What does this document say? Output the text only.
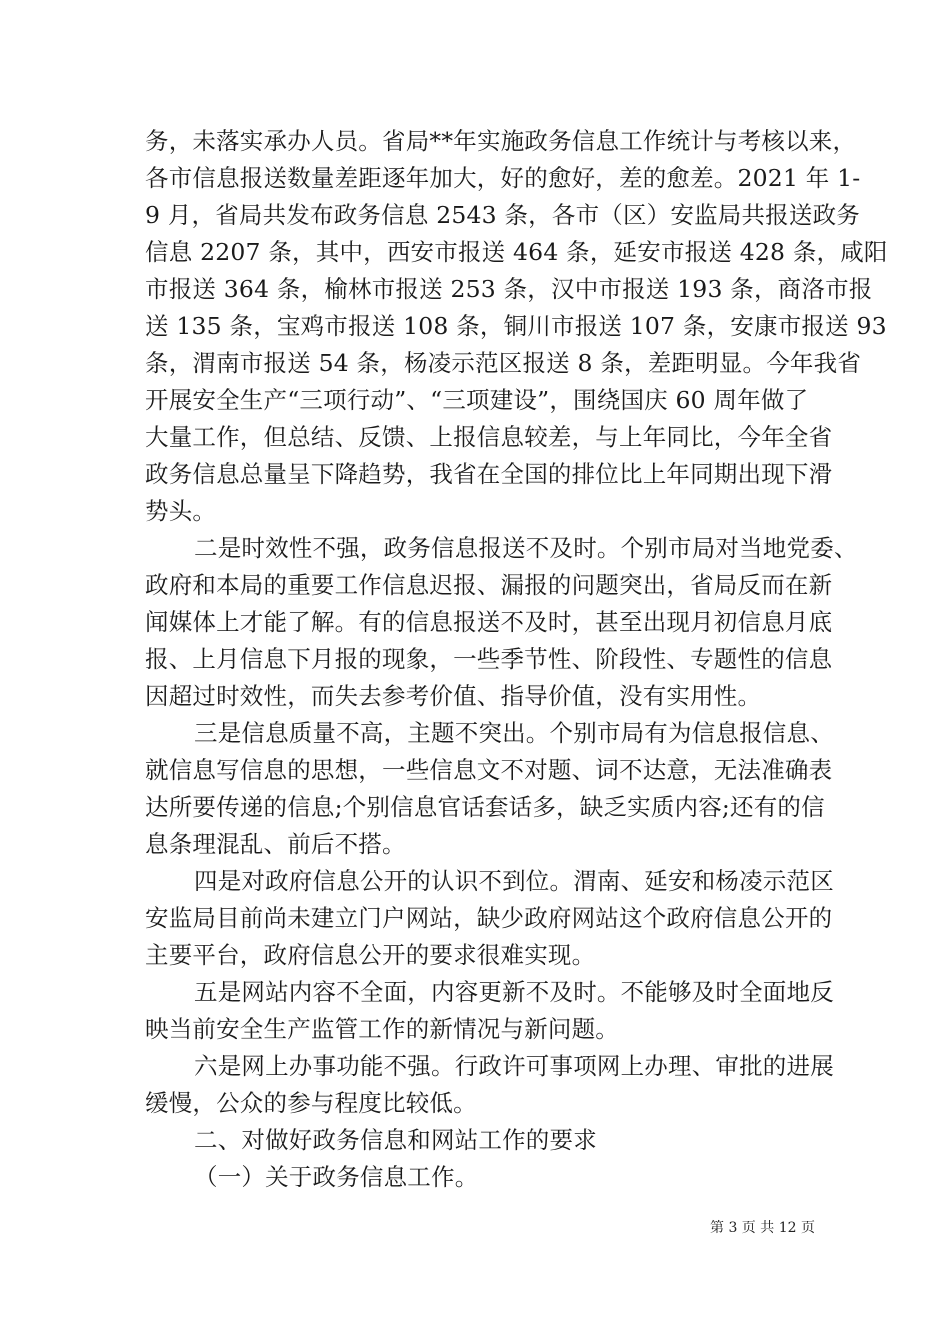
务，未落实承办人员。省局**年实施政务信息工作统计与考核以来，
各市信息报送数量差距逐年加大，好的愈好，差的愈差。2021 年 1-
9 月，省局共发布政务信息 2543 条，各市（区）安监局共报送政务
信息 2207 条，其中，西安市报送 464 条，延安市报送 428 条，咸阳
市报送 364 条，榆林市报送 253 条，汉中市报送 193 条，商洛市报
送 135 条，宝鸡市报送 108 条，铜川市报送 107 条，安康市报送 93
条，渭南市报送 54 条，杨凌示范区报送 8 条，差距明显。今年我省
开展安全生产“三项行动”、“三项建设”，围绕国庆 60 周年做了
大量工作，但总结、反馈、上报信息较差，与上年同比，今年全省
政务信息总量呈下降趋势，我省在全国的排位比上年同期出现下滑
势头。
二是时效性不强，政务信息报送不及时。个别市局对当地党委、
政府和本局的重要工作信息迟报、漏报的问题突出，省局反而在新
闻媒体上才能了解。有的信息报送不及时，甚至出现月初信息月底
报、上月信息下月报的现象，一些季节性、阶段性、专题性的信息
因超过时效性，而失去参考价值、指导价值，没有实用性。
三是信息质量不高，主题不突出。个别市局有为信息报信息、
就信息写信息的思想，一些信息文不对题、词不达意，无法准确表
达所要传递的信息;个别信息官话套话多，缺乏实质内容;还有的信
息条理混乱、前后不搭。
四是对政府信息公开的认识不到位。渭南、延安和杨凌示范区
安监局目前尚未建立门户网站，缺少政府网站这个政府信息公开的
主要平台，政府信息公开的要求很难实现。
五是网站内容不全面，内容更新不及时。不能够及时全面地反
映当前安全生产监管工作的新情况与新问题。
六是网上办事功能不强。行政许可事项网上办理、审批的进展
缓慢，公众的参与程度比较低。
二、对做好政务信息和网站工作的要求
（一）关于政务信息工作。
第 3 页 共 12 页
